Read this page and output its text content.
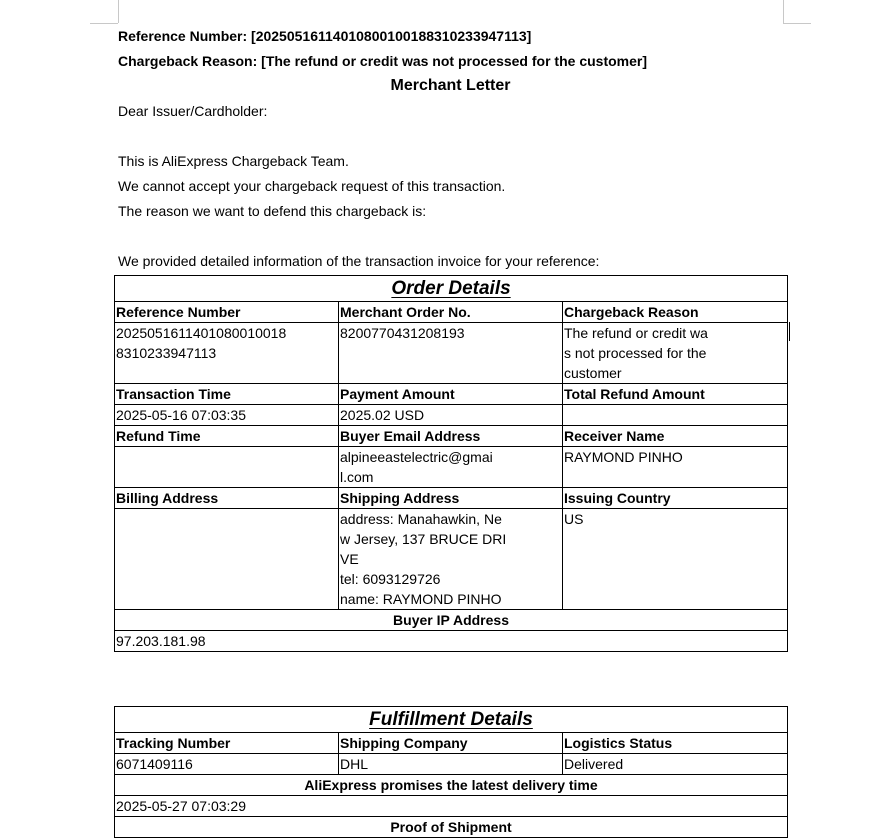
Reference Number: [20250516114010800100188310233947113]
Chargeback Reason: [The refund or credit was not processed for the customer]
Merchant Letter
Dear Issuer/Cardholder:
This is AliExpress Chargeback Team.
We cannot accept your chargeback request of this transaction.
The reason we want to defend this chargeback is:
We provided detailed information of the transaction invoice for your reference:
Order Details		
Reference Number	Merchant Order No.	Chargeback Reason
2025051611401080010018
8310233947113	8200770431208193	The refund or credit wa
s not processed for the
customer
Transaction Time	Payment Amount	Total Refund Amount
2025-05-16 07:03:35	2025.02 USD	
Refund Time	Buyer Email Address	Receiver Name
	alpineeastelectric@gmai
l.com	RAYMOND PINHO
Billing Address	Shipping Address	Issuing Country
	address: Manahawkin, Ne
w Jersey, 137 BRUCE DRI
VE
tel: 6093129726
name: RAYMOND PINHO	US
Buyer IP Address		
97.203.181.98		
Fulfillment Details		
Tracking Number	Shipping Company	Logistics Status
6071409116	DHL	Delivered
AliExpress promises the latest delivery time		
2025-05-27 07:03:29		
Proof of Shipment		
